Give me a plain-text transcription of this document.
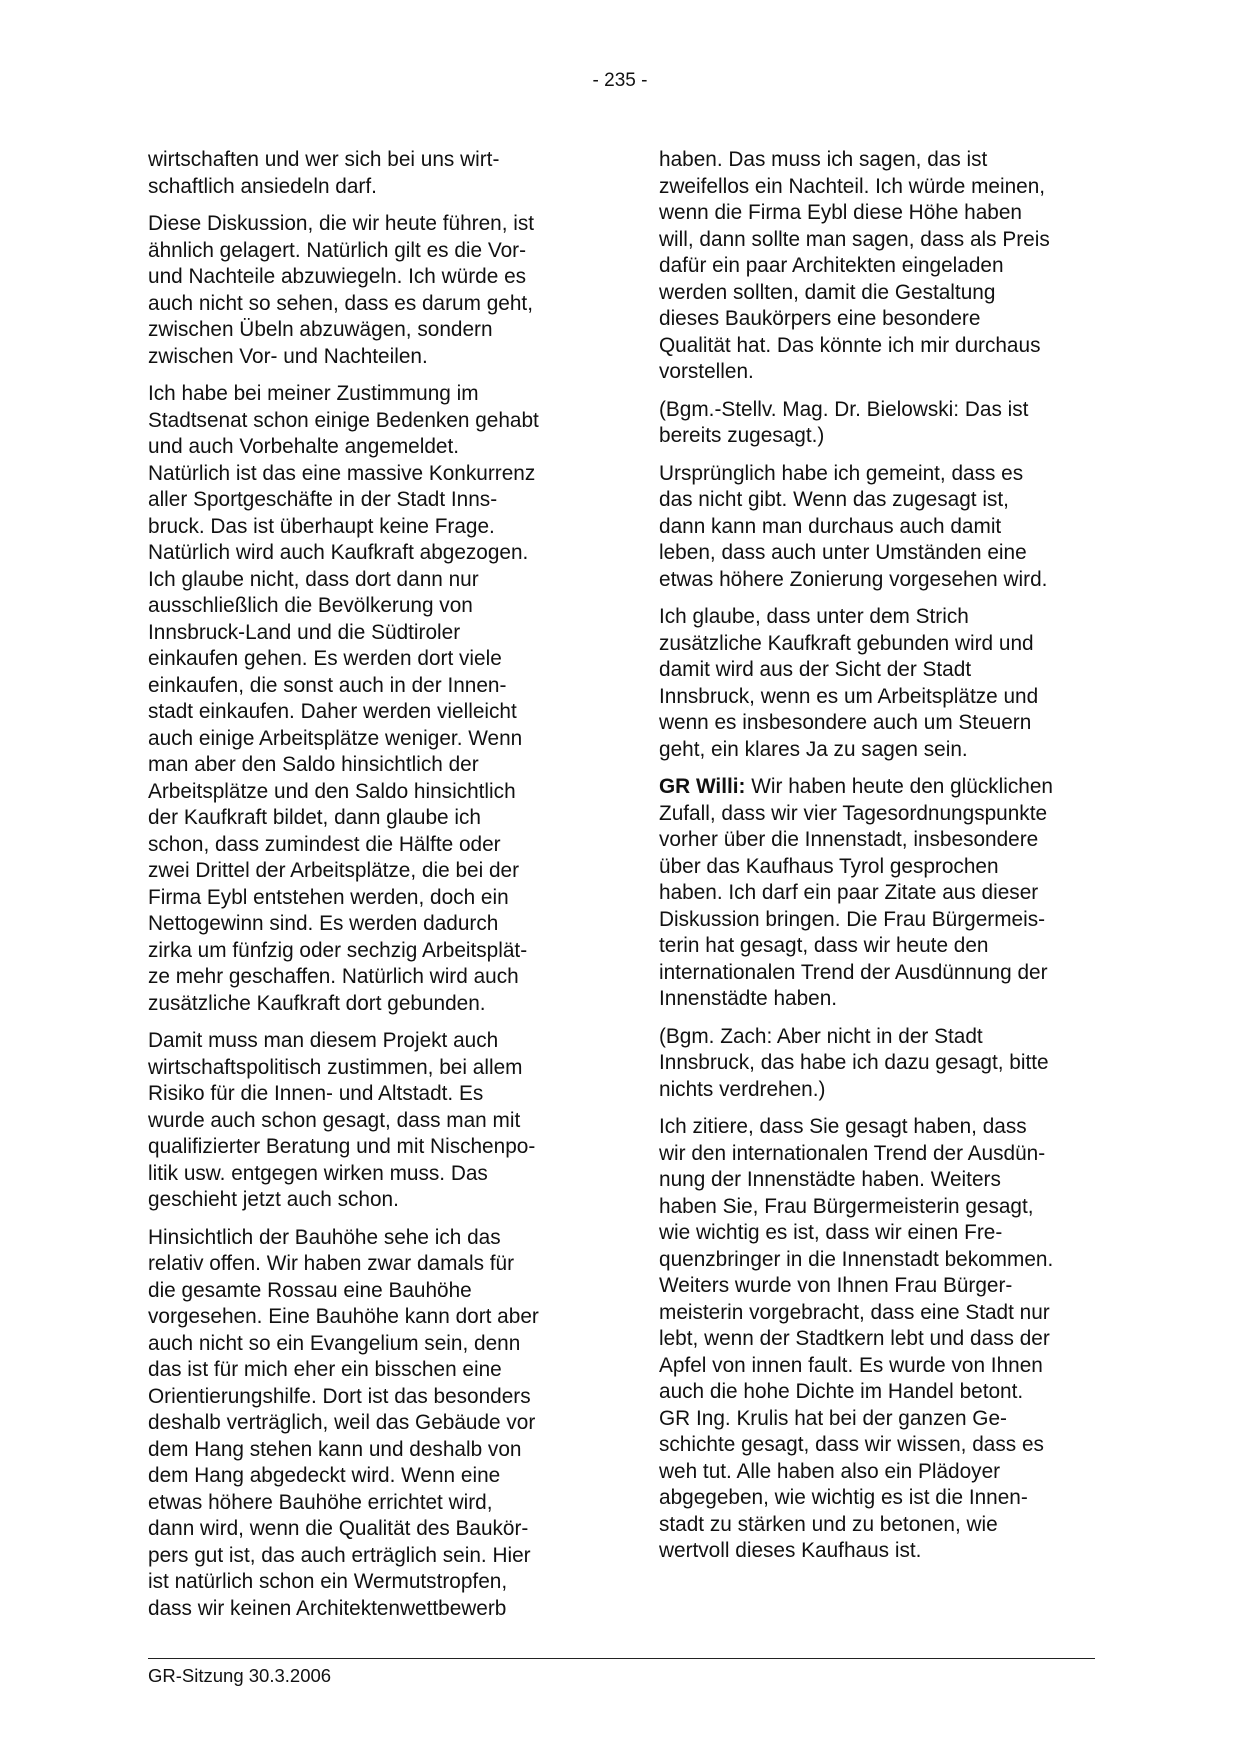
- 235 -

wirtschaften und wer sich bei uns wirt-
schaftlich ansiedeln darf.

Diese Diskussion, die wir heute führen, ist
ähnlich gelagert. Natürlich gilt es die Vor-
und Nachteile abzuwiegeln. Ich würde es
auch nicht so sehen, dass es darum geht,
zwischen Übeln abzuwägen, sondern
zwischen Vor- und Nachteilen.

Ich habe bei meiner Zustimmung im
Stadtsenat schon einige Bedenken gehabt
und auch Vorbehalte angemeldet.
Natürlich ist das eine massive Konkurrenz
aller Sportgeschäfte in der Stadt Inns-
bruck. Das ist überhaupt keine Frage.
Natürlich wird auch Kaufkraft abgezogen.
Ich glaube nicht, dass dort dann nur
ausschließlich die Bevölkerung von
Innsbruck-Land und die Südtiroler
einkaufen gehen. Es werden dort viele
einkaufen, die sonst auch in der Innen-
stadt einkaufen. Daher werden vielleicht
auch einige Arbeitsplätze weniger. Wenn
man aber den Saldo hinsichtlich der
Arbeitsplätze und den Saldo hinsichtlich
der Kaufkraft bildet, dann glaube ich
schon, dass zumindest die Hälfte oder
zwei Drittel der Arbeitsplätze, die bei der
Firma Eybl entstehen werden, doch ein
Nettogewinn sind. Es werden dadurch
zirka um fünfzig oder sechzig Arbeitsplät-
ze mehr geschaffen. Natürlich wird auch
zusätzliche Kaufkraft dort gebunden.

Damit muss man diesem Projekt auch
wirtschaftspolitisch zustimmen, bei allem
Risiko für die Innen- und Altstadt. Es
wurde auch schon gesagt, dass man mit
qualifizierter Beratung und mit Nischenpo-
litik usw. entgegen wirken muss. Das
geschieht jetzt auch schon.

Hinsichtlich der Bauhöhe sehe ich das
relativ offen. Wir haben zwar damals für
die gesamte Rossau eine Bauhöhe
vorgesehen. Eine Bauhöhe kann dort aber
auch nicht so ein Evangelium sein, denn
das ist für mich eher ein bisschen eine
Orientierungshilfe. Dort ist das besonders
deshalb verträglich, weil das Gebäude vor
dem Hang stehen kann und deshalb von
dem Hang abgedeckt wird. Wenn eine
etwas höhere Bauhöhe errichtet wird,
dann wird, wenn die Qualität des Baukör-
pers gut ist, das auch erträglich sein. Hier
ist natürlich schon ein Wermutstropfen,
dass wir keinen Architektenwettbewerb

haben. Das muss ich sagen, das ist
zweifellos ein Nachteil. Ich würde meinen,
wenn die Firma Eybl diese Höhe haben
will, dann sollte man sagen, dass als Preis
dafür ein paar Architekten eingeladen
werden sollten, damit die Gestaltung
dieses Baukörpers eine besondere
Qualität hat. Das könnte ich mir durchaus
vorstellen.

(Bgm.-Stellv. Mag. Dr. Bielowski: Das ist
bereits zugesagt.)

Ursprünglich habe ich gemeint, dass es
das nicht gibt. Wenn das zugesagt ist,
dann kann man durchaus auch damit
leben, dass auch unter Umständen eine
etwas höhere Zonierung vorgesehen wird.

Ich glaube, dass unter dem Strich
zusätzliche Kaufkraft gebunden wird und
damit wird aus der Sicht der Stadt
Innsbruck, wenn es um Arbeitsplätze und
wenn es insbesondere auch um Steuern
geht, ein klares Ja zu sagen sein.

GR Willi: Wir haben heute den glücklichen
Zufall, dass wir vier Tagesordnungspunkte
vorher über die Innenstadt, insbesondere
über das Kaufhaus Tyrol gesprochen
haben. Ich darf ein paar Zitate aus dieser
Diskussion bringen. Die Frau Bürgermeis-
terin hat gesagt, dass wir heute den
internationalen Trend der Ausdünnung der
Innenstädte haben.

(Bgm. Zach: Aber nicht in der Stadt
Innsbruck, das habe ich dazu gesagt, bitte
nichts verdrehen.)

Ich zitiere, dass Sie gesagt haben, dass
wir den internationalen Trend der Ausdün-
nung der Innenstädte haben. Weiters
haben Sie, Frau Bürgermeisterin gesagt,
wie wichtig es ist, dass wir einen Fre-
quenzbringer in die Innenstadt bekommen.
Weiters wurde von Ihnen Frau Bürger-
meisterin vorgebracht, dass eine Stadt nur
lebt, wenn der Stadtkern lebt und dass der
Apfel von innen fault. Es wurde von Ihnen
auch die hohe Dichte im Handel betont.
GR Ing. Krulis hat bei der ganzen Ge-
schichte gesagt, dass wir wissen, dass es
weh tut. Alle haben also ein Plädoyer
abgegeben, wie wichtig es ist die Innen-
stadt zu stärken und zu betonen, wie
wertvoll dieses Kaufhaus ist.

GR-Sitzung 30.3.2006
